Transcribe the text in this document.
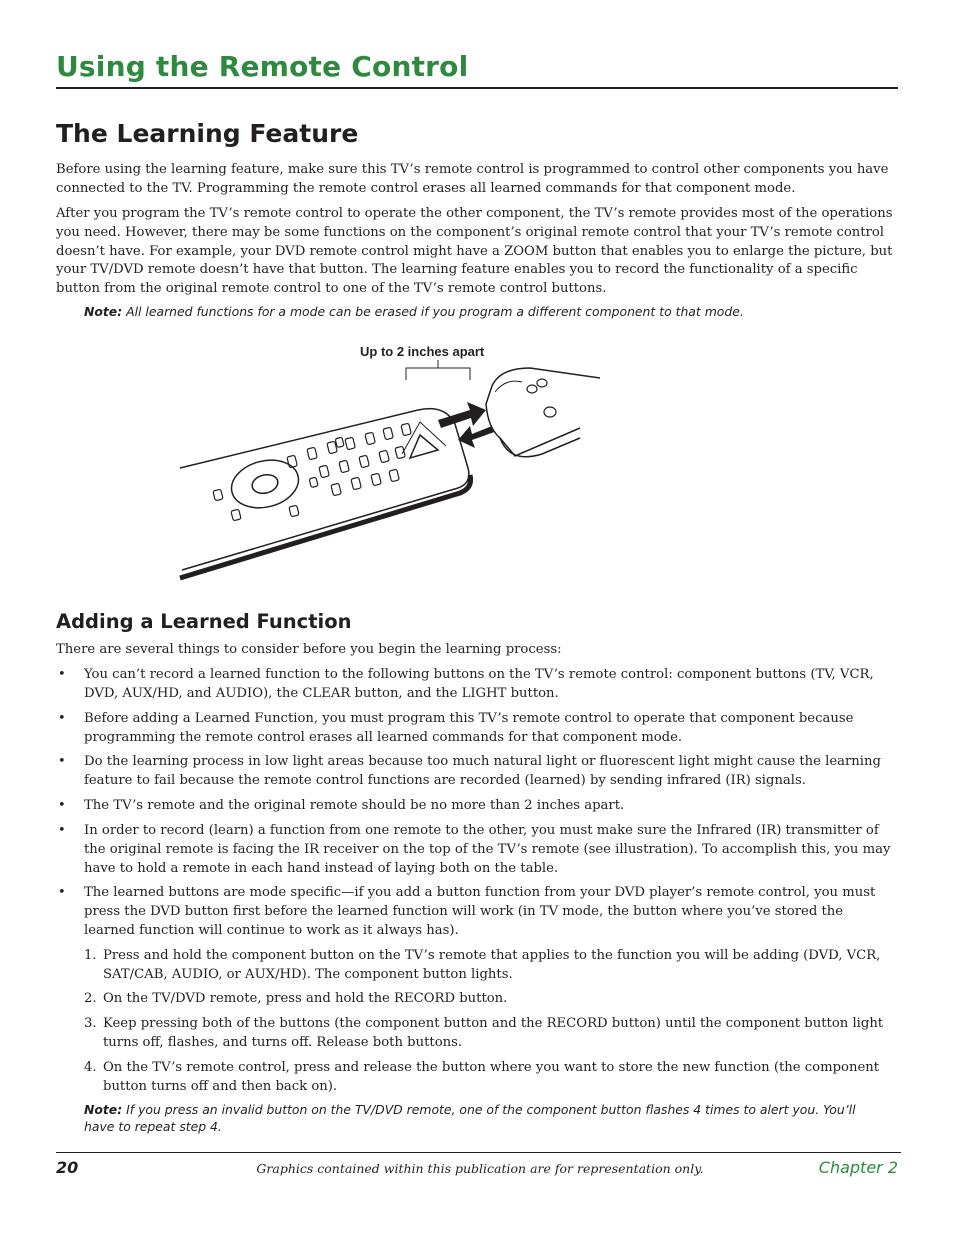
Using the Remote Control
The Learning Feature

Before using the learning feature, make sure this TV’s remote control is programmed to control other components you have connected to the TV. Programming the remote control erases all learned commands for that component mode.

After you program the TV’s remote control to operate the other component, the TV’s remote provides most of the operations you need. However, there may be some functions on the component’s original remote control that your TV’s remote control doesn’t have. For example, your DVD remote control might have a ZOOM button that enables you to enlarge the picture, but your TV/DVD remote doesn’t have that button. The learning feature enables you to record the functionality of a specific button from the original remote control to one of the TV’s remote control buttons.

Note: All learned functions for a mode can be erased if you program a different component to that mode.

Up to 2 inches apart
Adding a Learned Function

There are several things to consider before you begin the learning process:

• You can’t record a learned function to the following buttons on the TV’s remote control: component buttons (TV, VCR, DVD, AUX/HD, and AUDIO), the CLEAR button, and the LIGHT button.

• Before adding a Learned Function, you must program this TV’s remote control to operate that component because programming the remote control erases all learned commands for that component mode.

• Do the learning process in low light areas because too much natural light or fluorescent light might cause the learning feature to fail because the remote control functions are recorded (learned) by sending infrared (IR) signals.

• The TV’s remote and the original remote should be no more than 2 inches apart.

• In order to record (learn) a function from one remote to the other, you must make sure the Infrared (IR) transmitter of the original remote is facing the IR receiver on the top of the TV’s remote (see illustration). To accomplish this, you may have to hold a remote in each hand instead of laying both on the table.

• The learned buttons are mode specific—if you add a button function from your DVD player’s remote control, you must press the DVD button first before the learned function will work (in TV mode, the button where you’ve stored the learned function will continue to work as it always has).

1. Press and hold the component button on the TV’s remote that applies to the function you will be adding (DVD, VCR, SAT/CAB, AUDIO, or AUX/HD). The component button lights.

2. On the TV/DVD remote, press and hold the RECORD button.

3. Keep pressing both of the buttons (the component button and the RECORD button) until the component button light turns off, flashes, and turns off. Release both buttons.

4. On the TV’s remote control, press and release the button where you want to store the new function (the component button turns off and then back on).

Note: If you press an invalid button on the TV/DVD remote, one of the component button flashes 4 times to alert you. You’ll have to repeat step 4.

20	Graphics contained within this publication are for representation only.	Chapter 2
